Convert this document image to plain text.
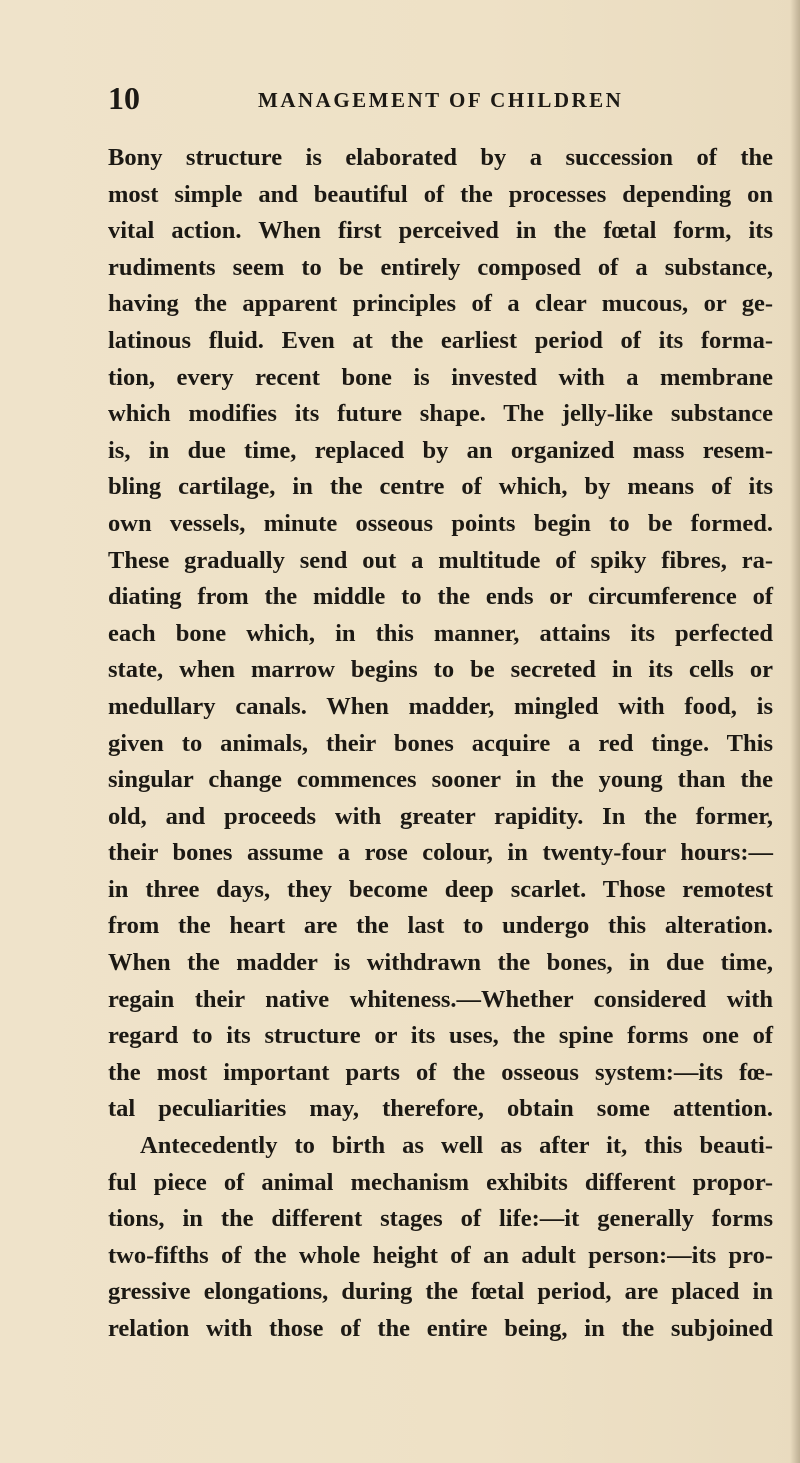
10	MANAGEMENT OF CHILDREN
Bony structure is elaborated by a succession of the
most simple and beautiful of the processes depending on
vital action. When first perceived in the fœtal form, its
rudiments seem to be entirely composed of a substance,
having the apparent principles of a clear mucous, or ge-
latinous fluid. Even at the earliest period of its forma-
tion, every recent bone is invested with a membrane
which modifies its future shape. The jelly-like substance
is, in due time, replaced by an organized mass resem-
bling cartilage, in the centre of which, by means of its
own vessels, minute osseous points begin to be formed.
These gradually send out a multitude of spiky fibres, ra-
diating from the middle to the ends or circumference of
each bone which, in this manner, attains its perfected
state, when marrow begins to be secreted in its cells or
medullary canals. When madder, mingled with food, is
given to animals, their bones acquire a red tinge. This
singular change commences sooner in the young than the
old, and proceeds with greater rapidity. In the former,
their bones assume a rose colour, in twenty-four hours:—
in three days, they become deep scarlet. Those remotest
from the heart are the last to undergo this alteration.
When the madder is withdrawn the bones, in due time,
regain their native whiteness.—Whether considered with
regard to its structure or its uses, the spine forms one of
the most important parts of the osseous system:—its fœ-
tal peculiarities may, therefore, obtain some attention.
Antecedently to birth as well as after it, this beauti-
ful piece of animal mechanism exhibits different propor-
tions, in the different stages of life:—it generally forms
two-fifths of the whole height of an adult person:—its pro-
gressive elongations, during the fœtal period, are placed in
relation with those of the entire being, in the subjoined
